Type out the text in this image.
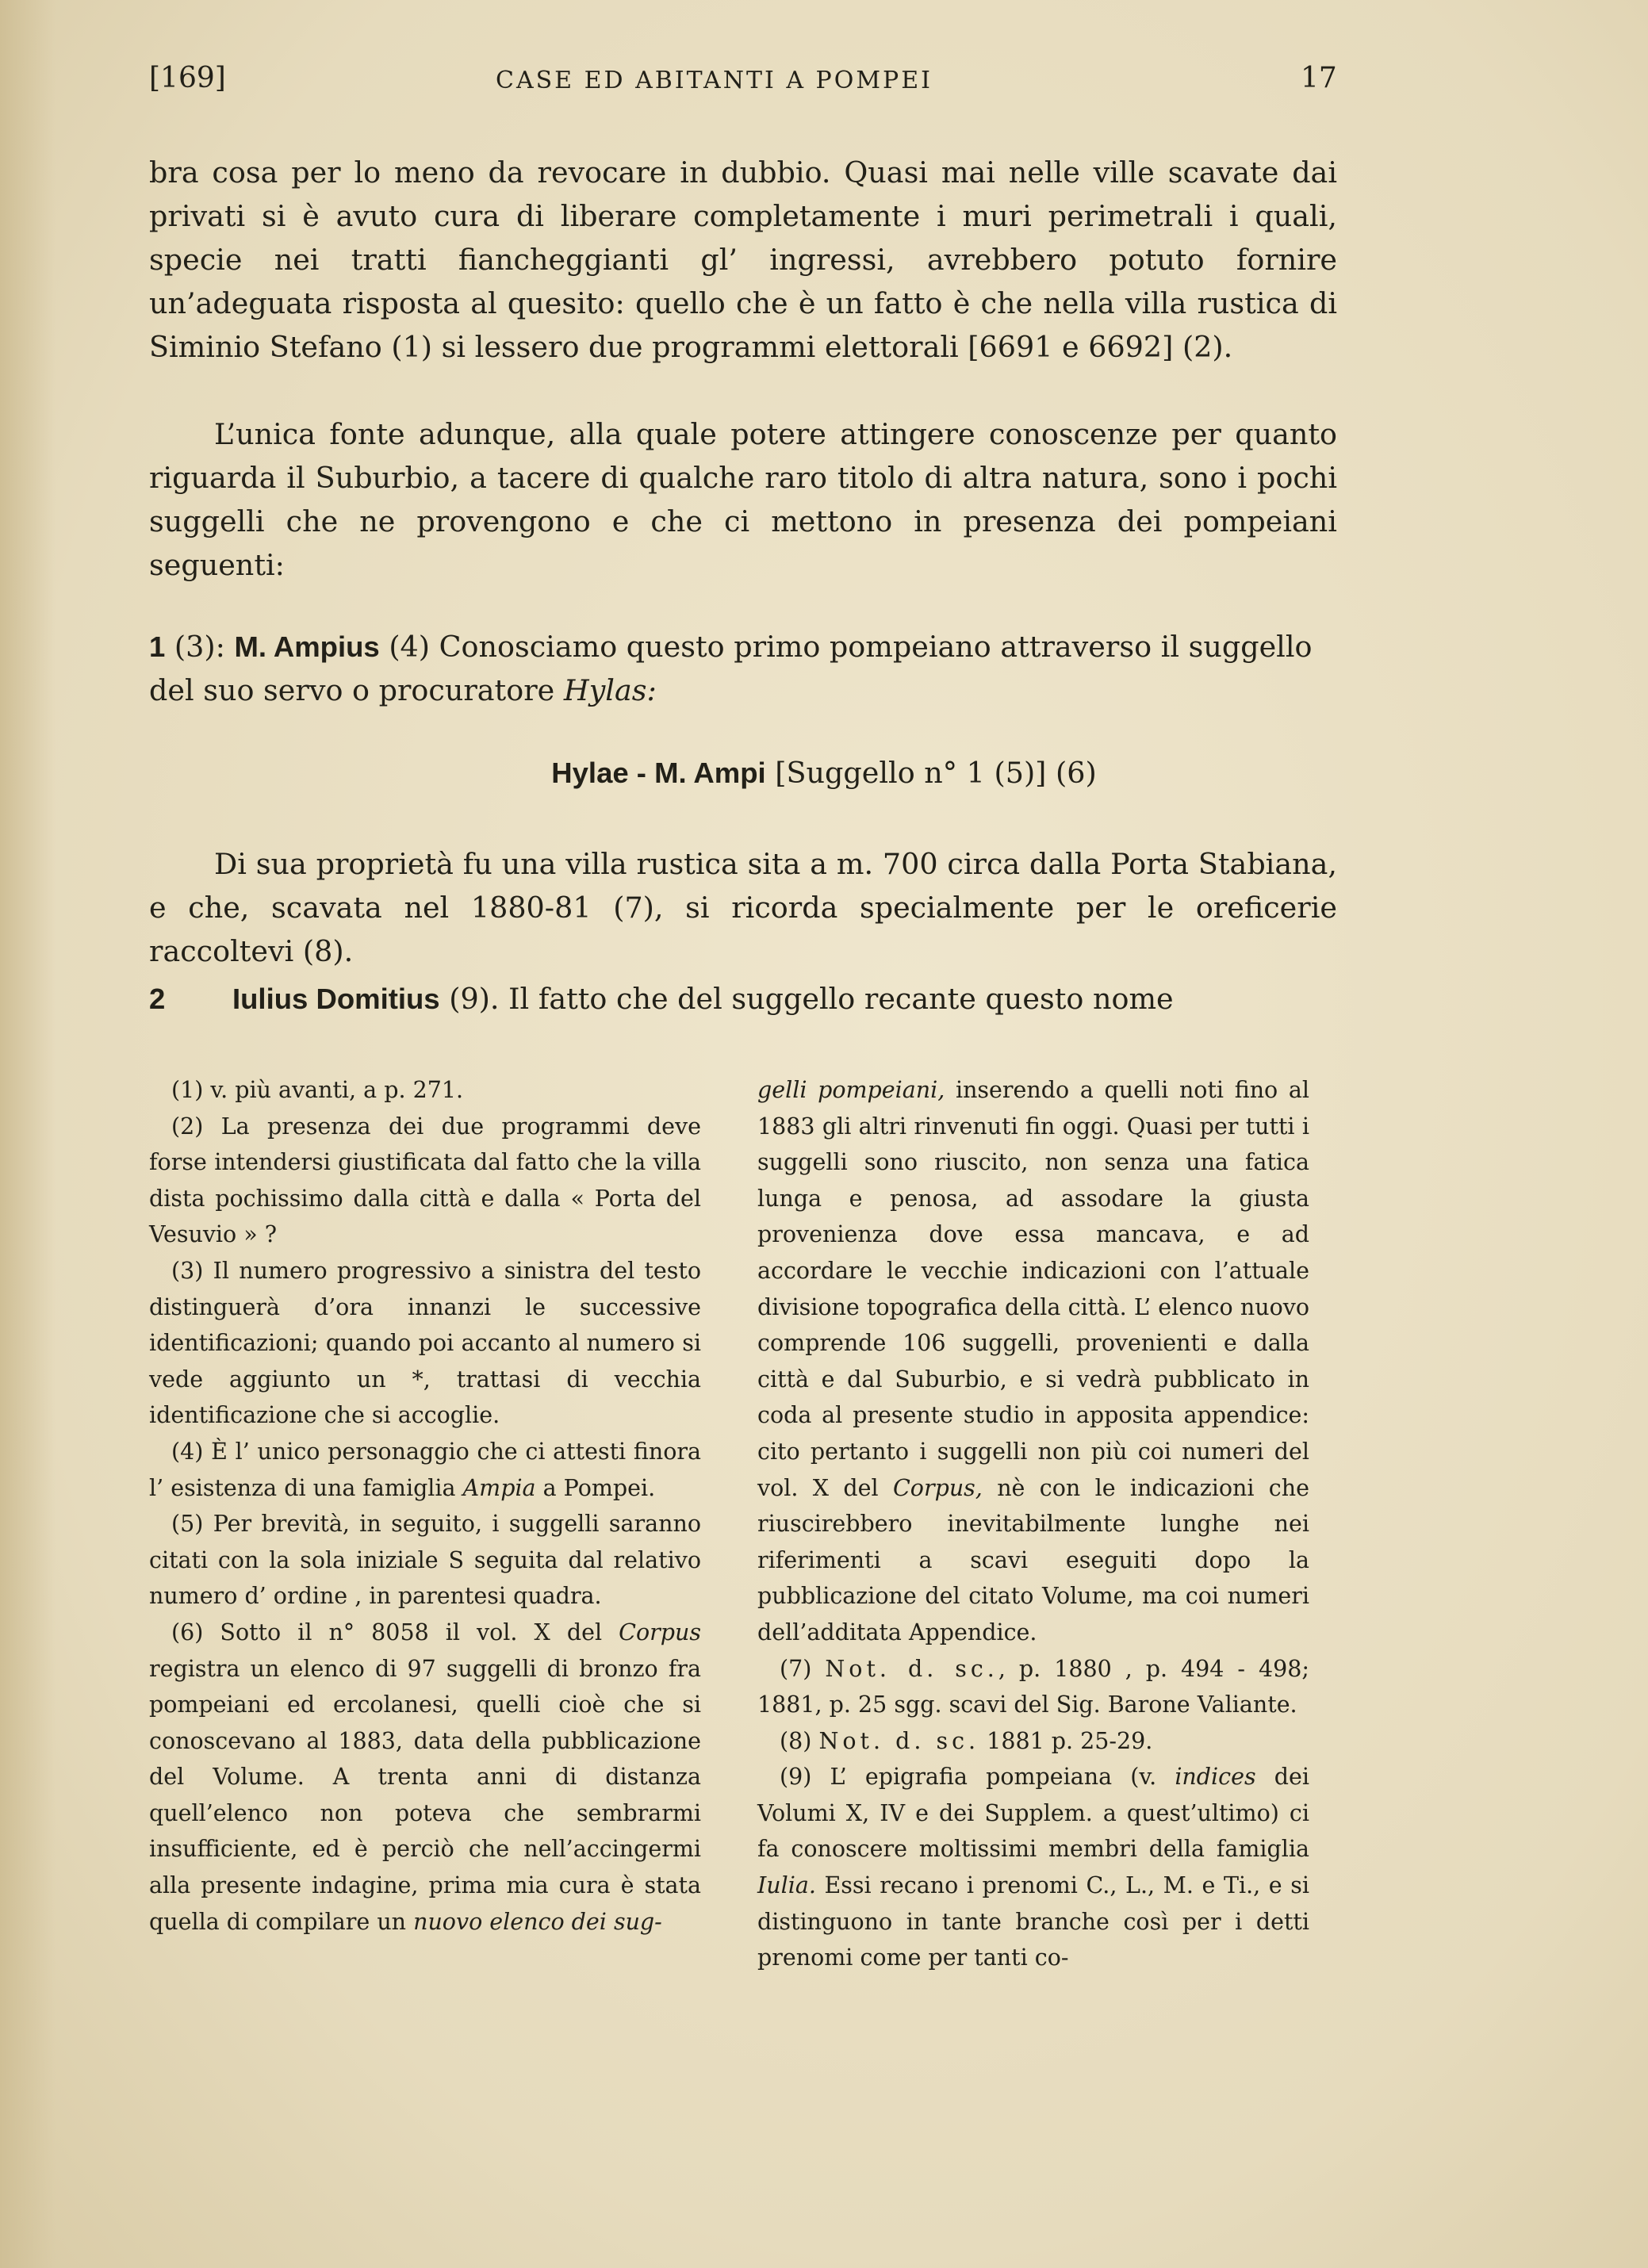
[169]	CASE ED ABITANTI A POMPEI	17
bra cosa per lo meno da revocare in dubbio. Quasi mai nelle ville scavate dai privati si è avuto cura di liberare completamente i muri perimetrali i quali, specie nei tratti fiancheggianti gl’ ingressi, avrebbero potuto fornire un’adeguata risposta al quesito: quello che è un fatto è che nella villa rustica di Siminio Stefano (1) si lessero due programmi elettorali [6691 e 6692] (2).
L’unica fonte adunque, alla quale potere attingere conoscenze per quanto riguarda il Suburbio, a tacere di qualche raro titolo di altra natura, sono i pochi suggelli che ne provengono e che ci mettono in presenza dei pompeiani seguenti:
1 (3): M. Ampius (4) Conosciamo questo primo pompeiano attraverso il suggello del suo servo o procuratore Hylas:
Hylae - M. Ampi [Suggello n° 1 (5)] (6)
Di sua proprietà fu una villa rustica sita a m. 700 circa dalla Porta Stabiana, e che, scavata nel 1880-81 (7), si ricorda specialmente per le oreficerie raccoltevi (8).
2 Iulius Domitius (9). Il fatto che del suggello recante questo nome
(1) v. più avanti, a p. 271.
(2) La presenza dei due programmi deve forse intendersi giustificata dal fatto che la villa dista pochissimo dalla città e dalla « Porta del Vesuvio » ?
(3) Il numero progressivo a sinistra del testo distinguerà d’ora innanzi le successive identificazioni; quando poi accanto al numero si vede aggiunto un *, trattasi di vecchia identificazione che si accoglie.
(4) È l’ unico personaggio che ci attesti finora l’ esistenza di una famiglia Ampia a Pompei.
(5) Per brevità, in seguito, i suggelli saranno citati con la sola iniziale S seguita dal relativo numero d’ ordine , in parentesi quadra.
(6) Sotto il n° 8058 il vol. X del Corpus registra un elenco di 97 suggelli di bronzo fra pompeiani ed ercolanesi, quelli cioè che si conoscevano al 1883, data della pubblicazione del Volume. A trenta anni di distanza quell’elenco non poteva che sembrarmi insufficiente, ed è perciò che nell’accingermi alla presente indagine, prima mia cura è stata quella di compilare un nuovo elenco dei sug-
gelli pompeiani, inserendo a quelli noti fino al 1883 gli altri rinvenuti fin oggi. Quasi per tutti i suggelli sono riuscito, non senza una fatica lunga e penosa, ad assodare la giusta provenienza dove essa mancava, e ad accordare le vecchie indicazioni con l’attuale divisione topografica della città. L’ elenco nuovo comprende 106 suggelli, provenienti e dalla città e dal Suburbio, e si vedrà pubblicato in coda al presente studio in apposita appendice: cito pertanto i suggelli non più coi numeri del vol. X del Corpus, nè con le indicazioni che riuscirebbero inevitabilmente lunghe nei riferimenti a scavi eseguiti dopo la pubblicazione del citato Volume, ma coi numeri dell’additata Appendice.
(7) Not. d. sc., p. 1880 , p. 494 - 498; 1881, p. 25 sgg. scavi del Sig. Barone Valiante.
(8) Not. d. sc. 1881 p. 25-29.
(9) L’ epigrafia pompeiana (v. indices dei Volumi X, IV e dei Supplem. a quest’ultimo) ci fa conoscere moltissimi membri della famiglia Iulia. Essi recano i prenomi C., L., M. e Ti., e si distinguono in tante branche così per i detti prenomi come per tanti co-
